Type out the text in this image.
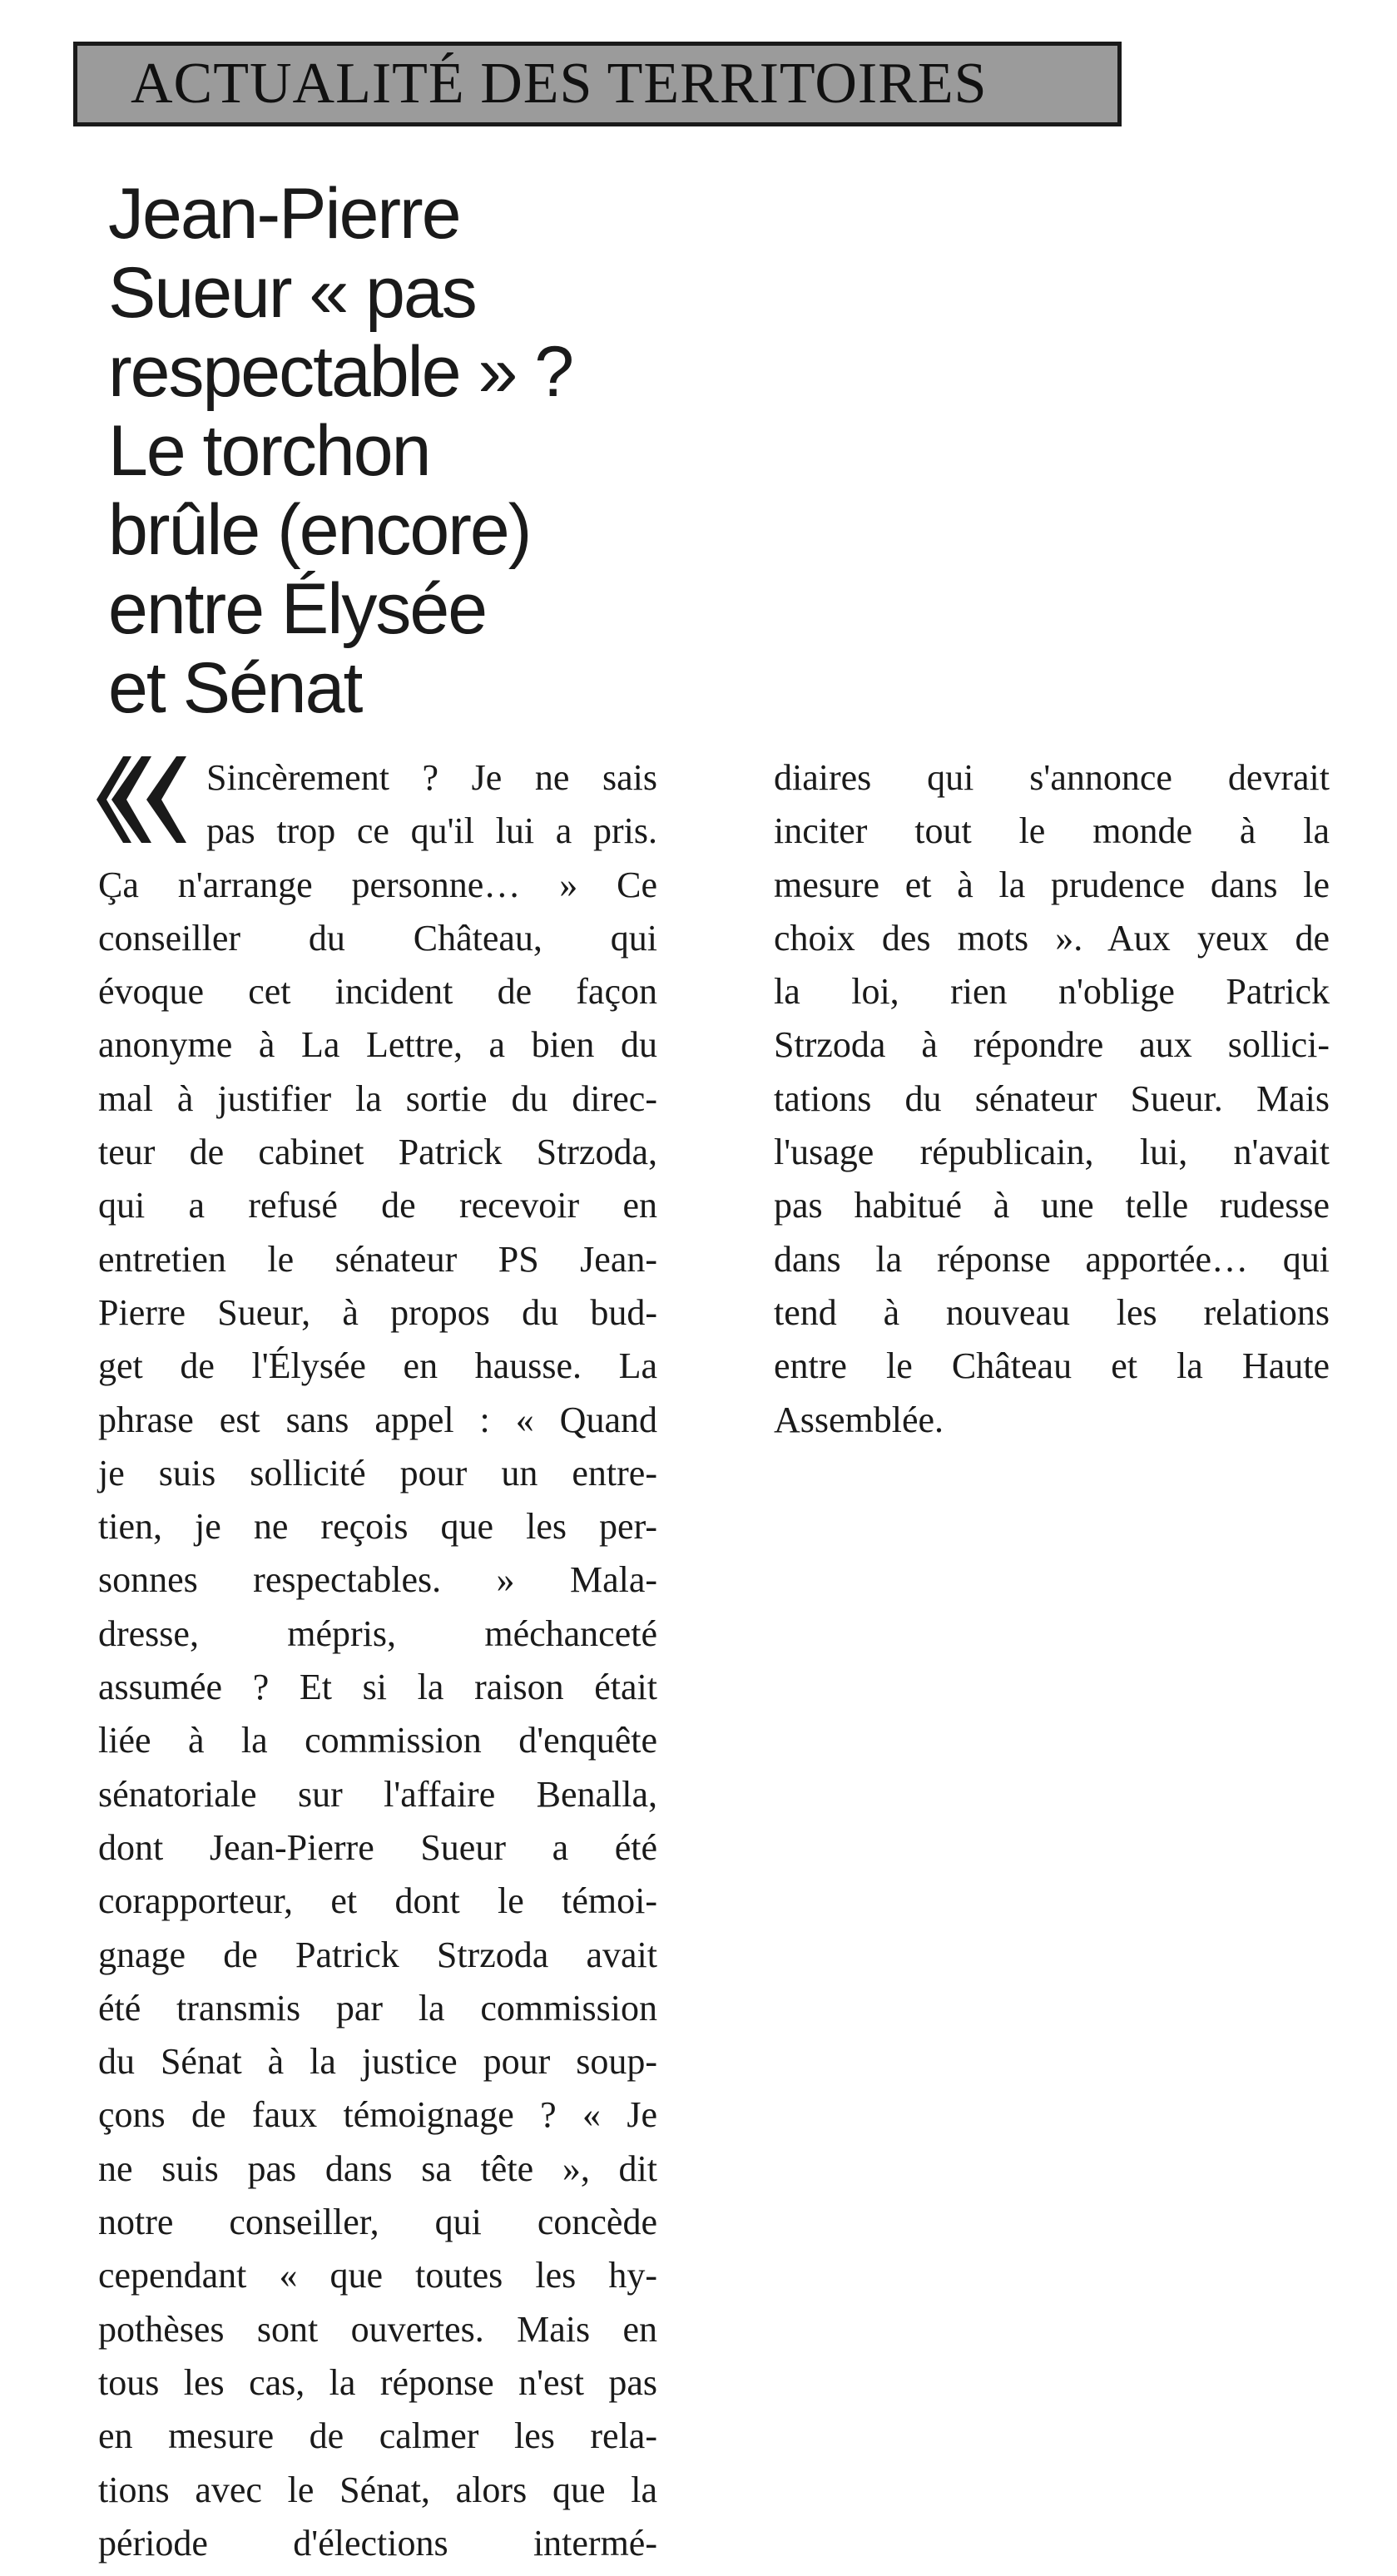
ACTUALITÉ DES TERRITOIRES
Jean-Pierre
Sueur « pas
respectable » ?
Le torchon
brûle (encore)
entre Élysée
et Sénat
Sincèrement ? Je ne sais
pas trop ce qu'il lui a pris.
Ça n'arrange personne… » Ce
conseiller du Château, qui
évoque cet incident de façon
anonyme à La Lettre, a bien du
mal à justifier la sortie du direc-
teur de cabinet Patrick Strzoda,
qui a refusé de recevoir en
entretien le sénateur PS Jean-
Pierre Sueur, à propos du bud-
get de l'Élysée en hausse. La
phrase est sans appel : « Quand
je suis sollicité pour un entre-
tien, je ne reçois que les per-
sonnes respectables. » Mala-
dresse, mépris, méchanceté
assumée ? Et si la raison était
liée à la commission d'enquête
sénatoriale sur l'affaire Benalla,
dont Jean-Pierre Sueur a été
corapporteur, et dont le témoi-
gnage de Patrick Strzoda avait
été transmis par la commission
du Sénat à la justice pour soup-
çons de faux témoignage ? « Je
ne suis pas dans sa tête », dit
notre conseiller, qui concède
cependant « que toutes les hy-
pothèses sont ouvertes. Mais en
tous les cas, la réponse n'est pas
en mesure de calmer les rela-
tions avec le Sénat, alors que la
période d'élections intermé-
diaires qui s'annonce devrait
inciter tout le monde à la
mesure et à la prudence dans le
choix des mots ». Aux yeux de
la loi, rien n'oblige Patrick
Strzoda à répondre aux sollici-
tations du sénateur Sueur. Mais
l'usage républicain, lui, n'avait
pas habitué à une telle rudesse
dans la réponse apportée… qui
tend à nouveau les relations
entre le Château et la Haute
Assemblée.
